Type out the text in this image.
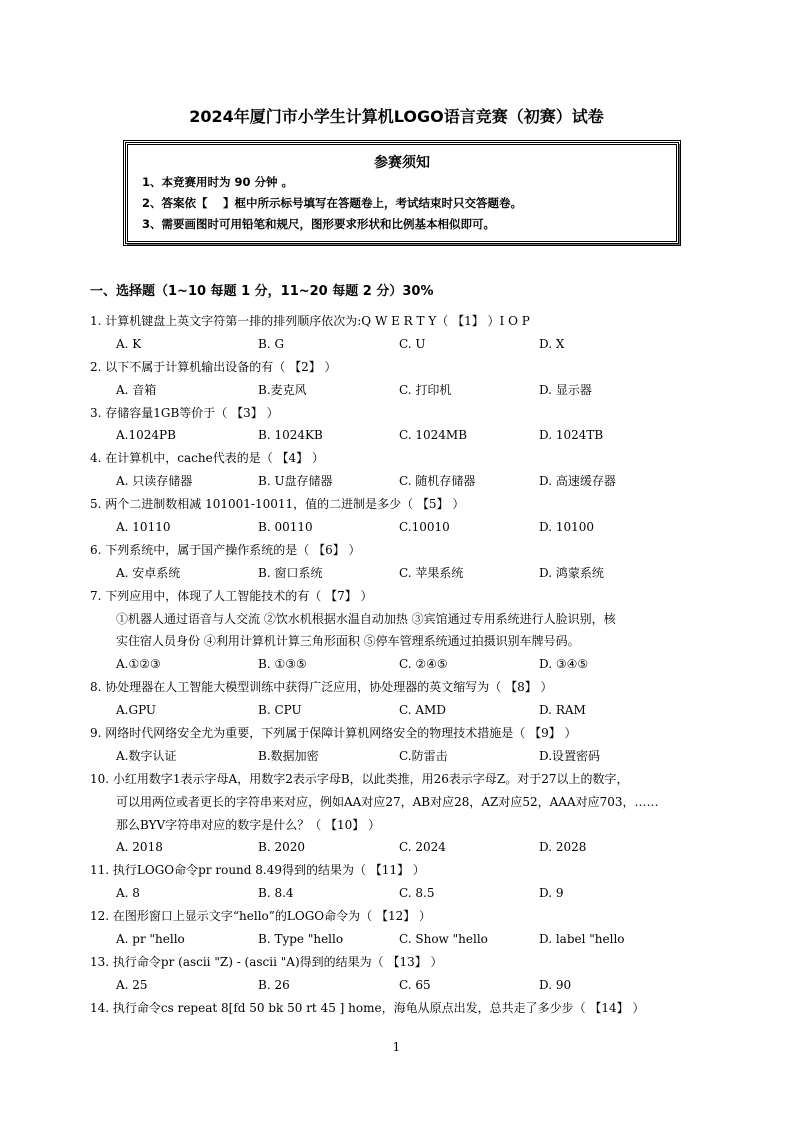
2024年厦门市小学生计算机LOGO语言竞赛（初赛）试卷
参赛须知
1、本竞赛用时为 90 分钟 。
2、答案依【　 】框中所示标号填写在答题卷上，考试结束时只交答题卷。
3、需要画图时可用铅笔和规尺，图形要求形状和比例基本相似即可。
一、选择题（1~10 每题 1 分，11~20 每题 2 分）30%
1. 计算机键盘上英文字符第一排的排列顺序依次为:Q W E R T Y（ 【1】 ）I O P
A. K	B. G	C. U	D. X
2. 以下不属于计算机输出设备的有（ 【2】 ）
A. 音箱	B.麦克风	C. 打印机	D. 显示器
3. 存储容量1GB等价于（ 【3】 ）
A.1024PB	B. 1024KB	C. 1024MB	D. 1024TB
4. 在计算机中，cache代表的是（ 【4】 ）
A. 只读存储器	B. U盘存储器	C. 随机存储器	D. 高速缓存器
5. 两个二进制数相减 101001-10011，值的二进制是多少（ 【5】 ）
A. 10110	B. 00110	C.10010	D. 10100
6. 下列系统中，属于国产操作系统的是（ 【6】 ）
A. 安卓系统	B. 窗口系统	C. 苹果系统	D. 鸿蒙系统
7. 下列应用中，体现了人工智能技术的有（ 【7】 ）
①机器人通过语音与人交流 ②饮水机根据水温自动加热 ③宾馆通过专用系统进行人脸识别，核
实住宿人员身份 ④利用计算机计算三角形面积 ⑤停车管理系统通过拍摄识别车牌号码。
A.①②③	B. ①③⑤	C. ②④⑤	D. ③④⑤
8. 协处理器在人工智能大模型训练中获得广泛应用，协处理器的英文缩写为（ 【8】 ）
A.GPU	B. CPU	C. AMD	D. RAM
9. 网络时代网络安全尤为重要，下列属于保障计算机网络安全的物理技术措施是（ 【9】 ）
A.数字认证	B.数据加密	C.防雷击	D.设置密码
10. 小红用数字1表示字母A，用数字2表示字母B，以此类推，用26表示字母Z。对于27以上的数字，
可以用两位或者更长的字符串来对应，例如AA对应27，AB对应28，AZ对应52，AAA对应703，……
那么BYV字符串对应的数字是什么？（ 【10】 ）
A. 2018	B. 2020	C. 2024	D. 2028
11. 执行LOGO命令pr round 8.49得到的结果为（ 【11】 ）
A. 8	B. 8.4	C. 8.5	D. 9
12. 在图形窗口上显示文字“hello”的LOGO命令为（ 【12】 ）
A. pr "hello	B. Type "hello	C. Show "hello	D. label "hello
13. 执行命令pr (ascii "Z) - (ascii "A)得到的结果为（ 【13】 ）
A. 25	B. 26	C. 65	D. 90
14. 执行命令cs repeat 8[fd 50 bk 50 rt 45 ] home，海龟从原点出发，总共走了多少步（ 【14】 ）
1
